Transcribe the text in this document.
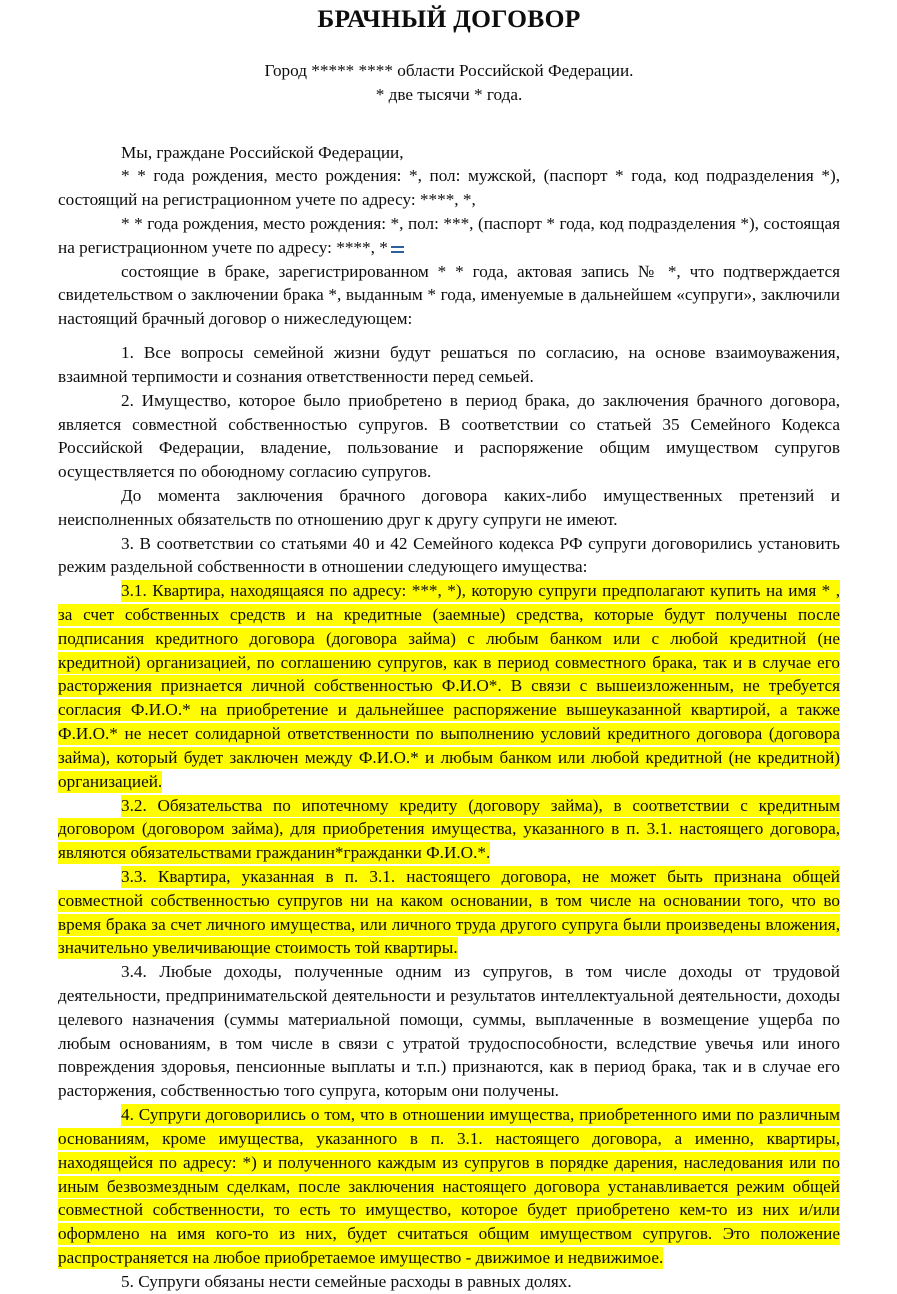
БРАЧНЫЙ ДОГОВОР
Город ***** **** области Российской Федерации.
* две тысячи * года.

Мы, граждане Российской Федерации,

* * года рождения, место рождения: *, пол: мужской, (паспорт * года, код подразделения *), состоящий на регистрационном учете по адресу: ****, *,

* * года рождения, место рождения: *, пол: ***, (паспорт * года, код подразделения *), состоящая на регистрационном учете по адресу: ****, *

состоящие в браке, зарегистрированном * * года, актовая запись № *, что подтверждается свидетельством о заключении брака *, выданным * года, именуемые в дальнейшем «супруги», заключили настоящий брачный договор о нижеследующем:

1. Все вопросы семейной жизни будут решаться по согласию, на основе взаимоуважения, взаимной терпимости и сознания ответственности перед семьей.

2. Имущество, которое было приобретено в период брака, до заключения брачного договора, является совместной собственностью супругов. В соответствии со статьей 35 Семейного Кодекса Российской Федерации, владение, пользование и распоряжение общим имуществом супругов осуществляется по обоюдному согласию супругов.

До момента заключения брачного договора каких-либо имущественных претензий и неисполненных обязательств по отношению друг к другу супруги не имеют.

3. В соответствии со статьями 40 и 42 Семейного кодекса РФ супруги договорились установить режим раздельной собственности в отношении следующего имущества:

3.1. Квартира, находящаяся по адресу: ***, *), которую супруги предполагают купить на имя * , за счет собственных средств и на кредитные (заемные) средства, которые будут получены после подписания кредитного договора (договора займа) с любым банком или с любой кредитной (не кредитной) организацией, по соглашению супругов, как в период совместного брака, так и в случае его расторжения признается личной собственностью Ф.И.О*. В связи с вышеизложенным, не требуется согласия Ф.И.О.* на приобретение и дальнейшее распоряжение вышеуказанной квартирой, а также Ф.И.О.* не несет солидарной ответственности по выполнению условий кредитного договора (договора займа), который будет заключен между Ф.И.О.* и любым банком или любой кредитной (не кредитной) организацией.

3.2. Обязательства по ипотечному кредиту (договору займа), в соответствии с кредитным договором (договором займа), для приобретения имущества, указанного в п. 3.1. настоящего договора, являются обязательствами гражданин*гражданки Ф.И.О.*.

3.3. Квартира, указанная в п. 3.1. настоящего договора, не может быть признана общей совместной собственностью супругов ни на каком основании, в том числе на основании того, что во время брака за счет личного имущества, или личного труда другого супруга были произведены вложения, значительно увеличивающие стоимость той квартиры.

3.4. Любые доходы, полученные одним из супругов, в том числе доходы от трудовой деятельности, предпринимательской деятельности и результатов интеллектуальной деятельности, доходы целевого назначения (суммы материальной помощи, суммы, выплаченные в возмещение ущерба по любым основаниям, в том числе в связи с утратой трудоспособности, вследствие увечья или иного повреждения здоровья, пенсионные выплаты и т.п.) признаются, как в период брака, так и в случае его расторжения, собственностью того супруга, которым они получены.

4. Супруги договорились о том, что в отношении имущества, приобретенного ими по различным основаниям, кроме имущества, указанного в п. 3.1. настоящего договора, а именно, квартиры, находящейся по адресу: *) и полученного каждым из супругов в порядке дарения, наследования или по иным безвозмездным сделкам, после заключения настоящего договора устанавливается режим общей совместной собственности, то есть то имущество, которое будет приобретено кем-то из них и/или оформлено на имя кого-то из них, будет считаться общим имуществом супругов. Это положение распространяется на любое приобретаемое имущество - движимое и недвижимое.

5. Супруги обязаны нести семейные расходы в равных долях.
